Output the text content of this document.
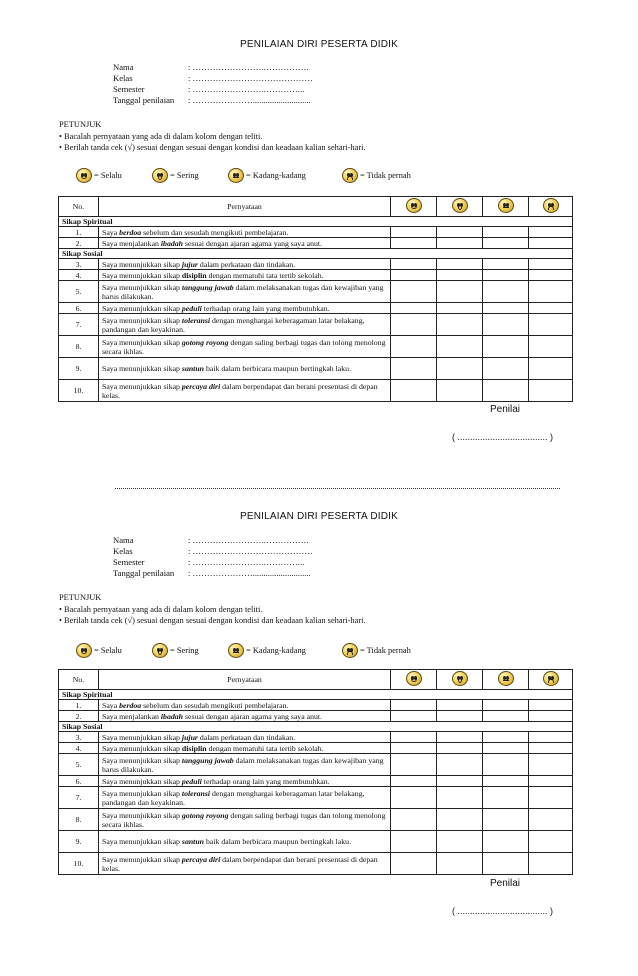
PENILAIAN DIRI PESERTA DIDIK
Nama	: …………………….…………….
Kelas	: ……………………………………
Semester	: …………………….…………...
Tanggal penilaian	: …………………...........................
PETUNJUK
• Bacalah pernyataan yang ada di dalam kolom dengan teliti.
• Berilah tanda cek (√) sesuai dengan sesuai dengan kondisi dan keadaan kalian sehari-hari.
= Selalu	= Sering	= Kadang-kadang	= Tidak pernah
No.	Pernyataan	

Sikap Spiritual					
1.	Saya berdoa sebelum dan sesudah mengikuti pembelajaran.				
2.	Saya menjalankan ibadah sesuai dengan ajaran agama yang saya anut.				
Sikap Sosial					
3.	Saya menunjukkan sikap jujur dalam perkataan dan tindakan.				
4.	Saya menunjukkan sikap disiplin dengan mematuhi tata tertib sekolah.				
5.	Saya menunjukkan sikap tanggung jawab dalam melaksanakan tugas dan kewajiban yang harus dilakukan.				
6.	Saya menunjukkan sikap peduli terhadap orang lain yang membutuhkan.				
7.	Saya menunjukkan sikap toleransi dengan menghargai keberagaman latar belakang, pandangan dan keyakinan.				
8.	Saya menunjukkan sikap gotong royong dengan saling berbagi tugas dan tolong menolong secara ikhlas.				
9.	Saya menunjukkan sikap santun baik dalam berbicara maupun bertingkah laku.				
10.	Saya menunjukkan sikap percaya diri dalam berpendapat dan berani presentasi di depan kelas.				
Penilai
( .................................... )
PENILAIAN DIRI PESERTA DIDIK
Nama	: …………………….…………….
Kelas	: ……………………………………
Semester	: …………………….…………...
Tanggal penilaian	: …………………...........................
PETUNJUK
• Bacalah pernyataan yang ada di dalam kolom dengan teliti.
• Berilah tanda cek (√) sesuai dengan sesuai dengan kondisi dan keadaan kalian sehari-hari.
= Selalu	= Sering	= Kadang-kadang	= Tidak pernah
No.	Pernyataan	

Sikap Spiritual					
1.	Saya berdoa sebelum dan sesudah mengikuti pembelajaran.				
2.	Saya menjalankan ibadah sesuai dengan ajaran agama yang saya anut.				
Sikap Sosial					
3.	Saya menunjukkan sikap jujur dalam perkataan dan tindakan.				
4.	Saya menunjukkan sikap disiplin dengan mematuhi tata tertib sekolah.				
5.	Saya menunjukkan sikap tanggung jawab dalam melaksanakan tugas dan kewajiban yang harus dilakukan.				
6.	Saya menunjukkan sikap peduli terhadap orang lain yang membutuhkan.				
7.	Saya menunjukkan sikap toleransi dengan menghargai keberagaman latar belakang, pandangan dan keyakinan.				
8.	Saya menunjukkan sikap gotong royong dengan saling berbagi tugas dan tolong menolong secara ikhlas.				
9.	Saya menunjukkan sikap santun baik dalam berbicara maupun bertingkah laku.				
10.	Saya menunjukkan sikap percaya diri dalam berpendapat dan berani presentasi di depan kelas.				
Penilai
( .................................... )
